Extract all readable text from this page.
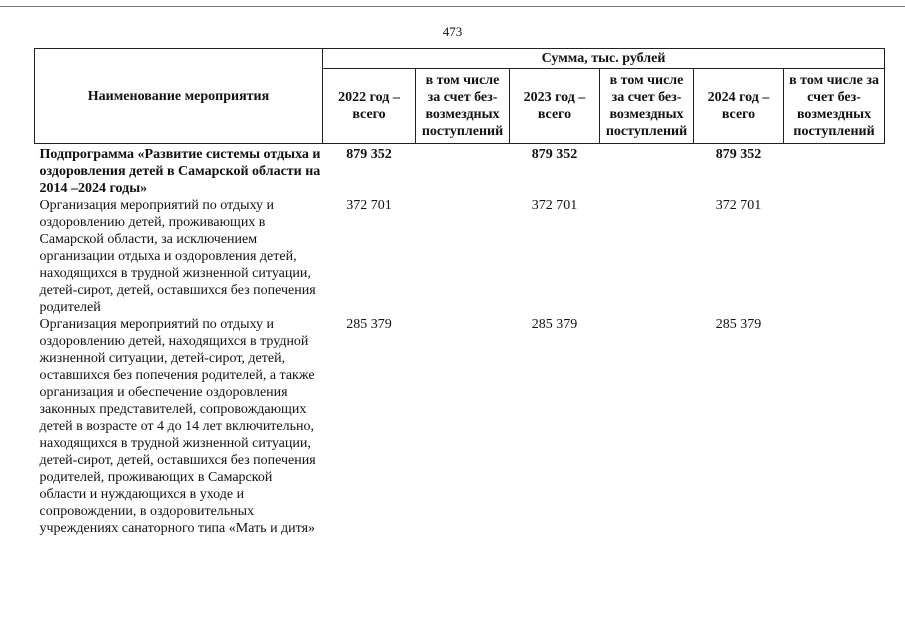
473
Наименование мероприятия	Сумма, тыс. рублей					
	2022 год – всего	в том числе за счет без-возмездных поступлений	2023 год – всего	в том числе за счет без-возмездных поступлений	2024 год – всего	в том числе за счет без-возмездных поступлений

Подпрограмма «Развитие системы отдыха и оздоровления детей в Самарской области на 2014 –2024 годы»	879 352		879 352		879 352	
Организация мероприятий по отдыху и оздоровлению детей, проживающих в Самарской области, за исключением организации отдыха и оздоровления детей, находящихся в трудной жизненной ситуации, детей-сирот, детей, оставшихся без попечения родителей	372 701		372 701		372 701	
Организация мероприятий по отдыху и оздоровлению детей, находящихся в трудной жизненной ситуации, детей-сирот, детей, оставшихся без попечения родителей, а также организация и обеспечение оздоровления законных представителей, сопровождающих детей в возрасте от 4 до 14 лет включительно, находящихся в трудной жизненной ситуации, детей-сирот, детей, оставшихся без попечения родителей, проживающих в Самарской области и нуждающихся в уходе и сопровождении, в оздоровительных учреждениях санаторного типа «Мать и дитя»	285 379		285 379		285 379	
